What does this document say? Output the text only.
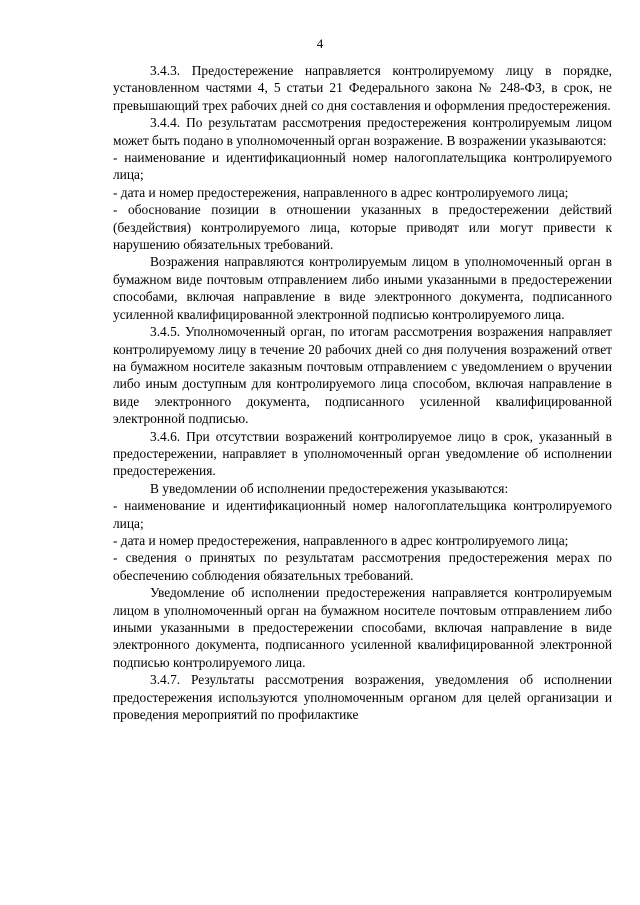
4

3.4.3. Предостережение направляется контролируемому лицу в порядке, установленном частями 4, 5 статьи 21 Федерального закона № 248-ФЗ, в срок, не превышающий трех рабочих дней со дня составления и оформления предостережения.

3.4.4. По результатам рассмотрения предостережения контролируемым лицом может быть подано в уполномоченный орган возражение. В возражении указываются:

- наименование и идентификационный номер налогоплательщика контролируемого лица;

- дата и номер предостережения, направленного в адрес контролируемого лица;

- обоснование позиции в отношении указанных в предостережении действий (бездействия) контролируемого лица, которые приводят или могут привести к нарушению обязательных требований.

Возражения направляются контролируемым лицом в уполномоченный орган в бумажном виде почтовым отправлением либо иными указанными в предостережении способами, включая направление в виде электронного документа, подписанного усиленной квалифицированной электронной подписью контролируемого лица.

3.4.5. Уполномоченный орган, по итогам рассмотрения возражения направляет контролируемому лицу в течение 20 рабочих дней со дня получения возражений ответ на бумажном носителе заказным почтовым отправлением с уведомлением о вручении либо иным доступным для контролируемого лица способом, включая направление в виде электронного документа, подписанного усиленной квалифицированной электронной подписью.

3.4.6. При отсутствии возражений контролируемое лицо в срок, указанный в предостережении, направляет в уполномоченный орган уведомление об исполнении предостережения.

В уведомлении об исполнении предостережения указываются:

- наименование и идентификационный номер налогоплательщика контролируемого лица;

- дата и номер предостережения, направленного в адрес контролируемого лица;

- сведения о принятых по результатам рассмотрения предостережения мерах по обеспечению соблюдения обязательных требований.

Уведомление об исполнении предостережения направляется контролируемым лицом в уполномоченный орган на бумажном носителе почтовым отправлением либо иными указанными в предостережении способами, включая направление в виде электронного документа, подписанного усиленной квалифицированной электронной подписью контролируемого лица.

3.4.7. Результаты рассмотрения возражения, уведомления об исполнении предостережения используются уполномоченным органом для целей организации и проведения мероприятий по профилактике
